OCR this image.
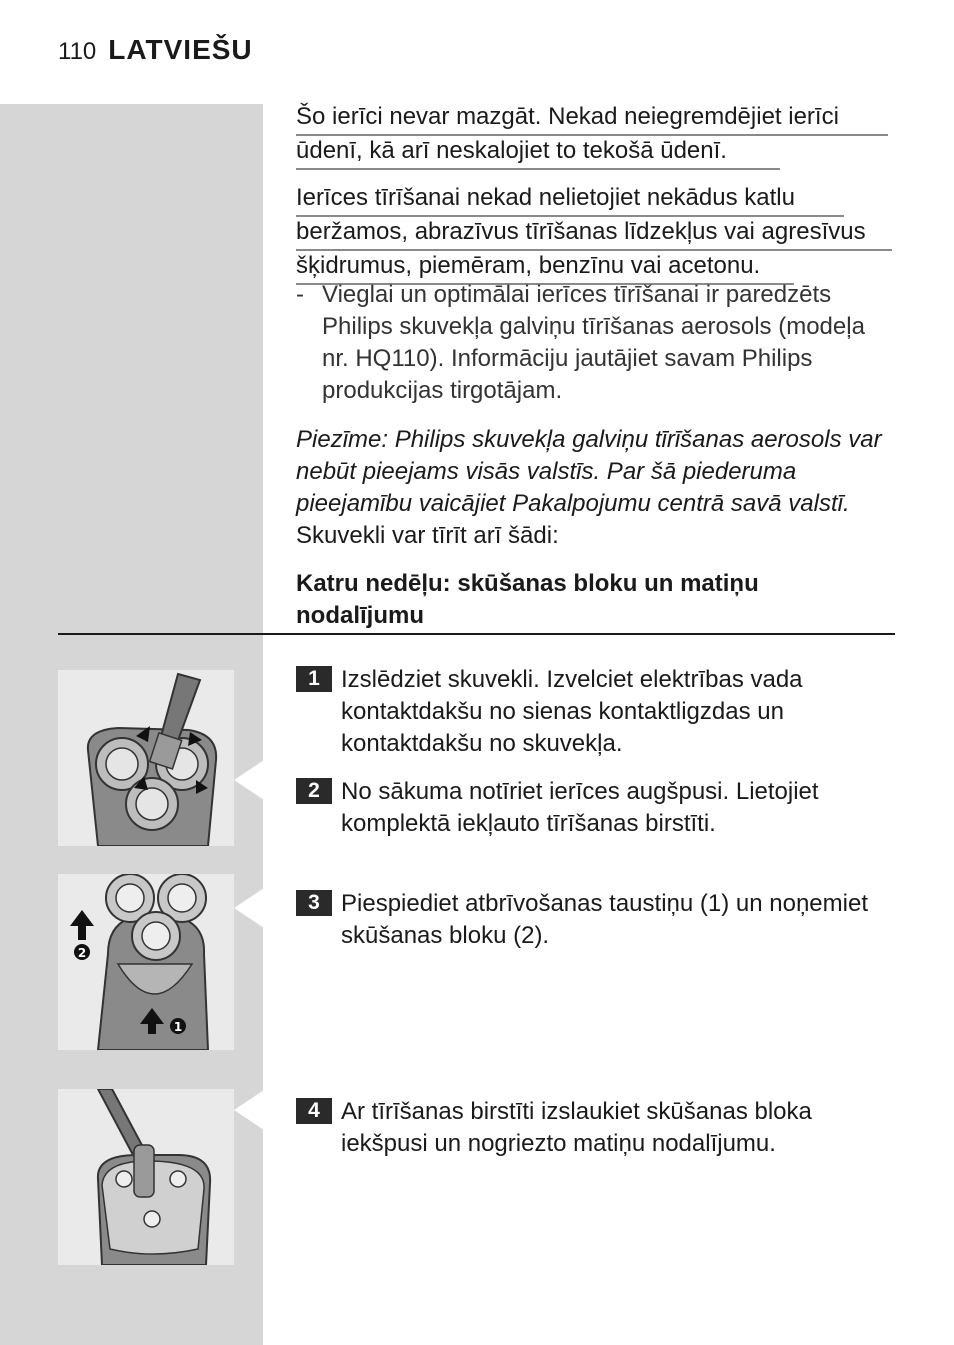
110 LATVIEŠU
Šo ierīci nevar mazgāt. Nekad neiegremdējiet ierīci
ūdenī, kā arī neskalojiet to tekošā ūdenī.
Ierīces tīrīšanai nekad nelietojiet nekādus katlu
beržamos, abrazīvus tīrīšanas līdzekļus vai agresīvus
šķidrumus, piemēram, benzīnu vai acetonu.
- Vieglai un optimālai ierīces tīrīšanai ir paredzēts Philips skuvekļa galviņu tīrīšanas aerosols (modeļa nr. HQ110). Informāciju jautājiet savam Philips produkcijas tirgotājam.
Piezīme: Philips skuvekļa galviņu tīrīšanas aerosols var nebūt pieejams visās valstīs. Par šā piederuma pieejamību vaicājiet Pakalpojumu centrā savā valstī.
Skuvekli var tīrīt arī šādi:
Katru nedēļu: skūšanas bloku un matiņu nodalījumu
1 Izslēdziet skuvekli. Izvelciet elektrības vada kontaktdakšu no sienas kontaktligzdas un kontaktdakšu no skuvekļa.
2 No sākuma notīriet ierīces augšpusi. Lietojiet komplektā iekļauto tīrīšanas birstīti.
3 Piespiediet atbrīvošanas taustiņu (1) un noņemiet skūšanas bloku (2).
4 Ar tīrīšanas birstīti izslaukiet skūšanas bloka iekšpusi un nogriezto matiņu nodalījumu.
2
1
